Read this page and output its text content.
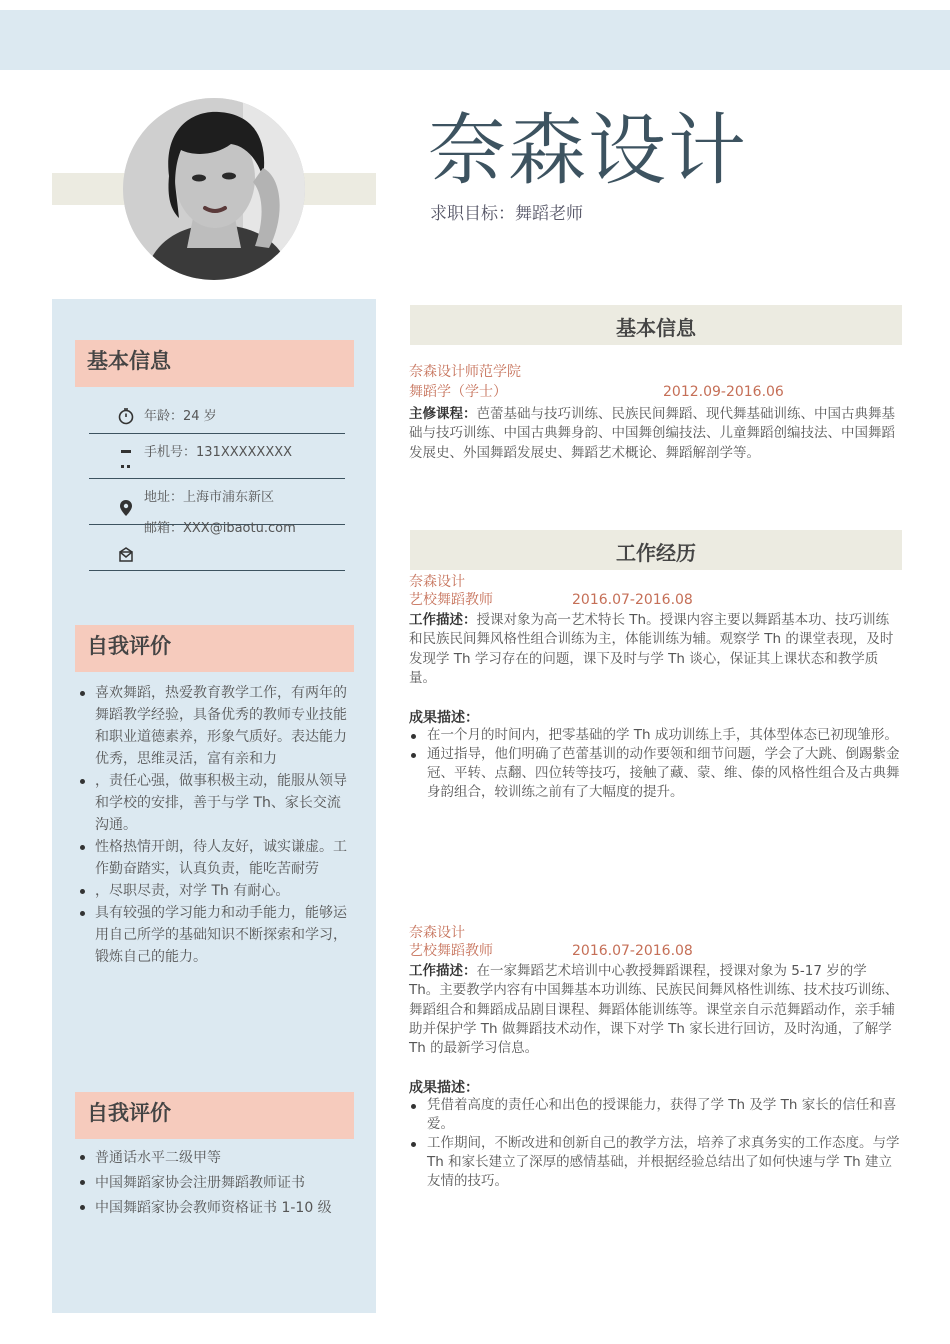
奈森设计
求职目标：舞蹈老师
基本信息
年龄：24 岁
手机号：131XXXXXXXX
地址：上海市浦东新区
邮箱：XXX@ibaotu.com
自我评价
喜欢舞蹈，热爱教育教学工作，有两年的舞蹈教学经验，具备优秀的教师专业技能和职业道德素养，形象气质好。表达能力优秀，思维灵活，富有亲和力
，责任心强，做事积极主动，能服从领导和学校的安排，善于与学 Th、家长交流沟通。
性格热情开朗，待人友好，诚实谦虚。工作勤奋踏实，认真负责，能吃苦耐劳
，尽职尽责，对学 Th 有耐心。
具有较强的学习能力和动手能力，能够运用自己所学的基础知识不断探索和学习，锻炼自己的能力。
自我评价
普通话水平二级甲等
中国舞蹈家协会注册舞蹈教师证书
中国舞蹈家协会教师资格证书 1-10 级
基本信息
奈森设计师范学院
舞蹈学（学士）	2012.09-2016.06
主修课程：芭蕾基础与技巧训练、民族民间舞蹈、现代舞基础训练、中国古典舞基础与技巧训练、中国古典舞身韵、中国舞创编技法、儿童舞蹈创编技法、中国舞蹈发展史、外国舞蹈发展史、舞蹈艺术概论、舞蹈解剖学等。
工作经历
奈森设计
艺校舞蹈教师	2016.07-2016.08
工作描述：授课对象为高一艺术特长 Th。授课内容主要以舞蹈基本功、技巧训练和民族民间舞风格性组合训练为主，体能训练为辅。观察学 Th 的课堂表现，及时发现学 Th 学习存在的问题，课下及时与学 Th 谈心，保证其上课状态和教学质量。
成果描述：
在一个月的时间内，把零基础的学 Th 成功训练上手，其体型体态已初现雏形。
通过指导，他们明确了芭蕾基训的动作要领和细节问题，学会了大跳、倒踢紫金冠、平转、点翻、四位转等技巧，接触了藏、蒙、维、傣的风格性组合及古典舞身韵组合，较训练之前有了大幅度的提升。
奈森设计
艺校舞蹈教师	2016.07-2016.08
工作描述：在一家舞蹈艺术培训中心教授舞蹈课程，授课对象为 5-17 岁的学 Th。主要教学内容有中国舞基本功训练、民族民间舞风格性训练、技术技巧训练、舞蹈组合和舞蹈成品剧目课程、舞蹈体能训练等。课堂亲自示范舞蹈动作，亲手辅助并保护学 Th 做舞蹈技术动作，课下对学 Th 家长进行回访，及时沟通，了解学 Th 的最新学习信息。
成果描述：
凭借着高度的责任心和出色的授课能力，获得了学 Th 及学 Th 家长的信任和喜爱。
工作期间，不断改进和创新自己的教学方法，培养了求真务实的工作态度。与学 Th 和家长建立了深厚的感情基础，并根据经验总结出了如何快速与学 Th 建立友情的技巧。
